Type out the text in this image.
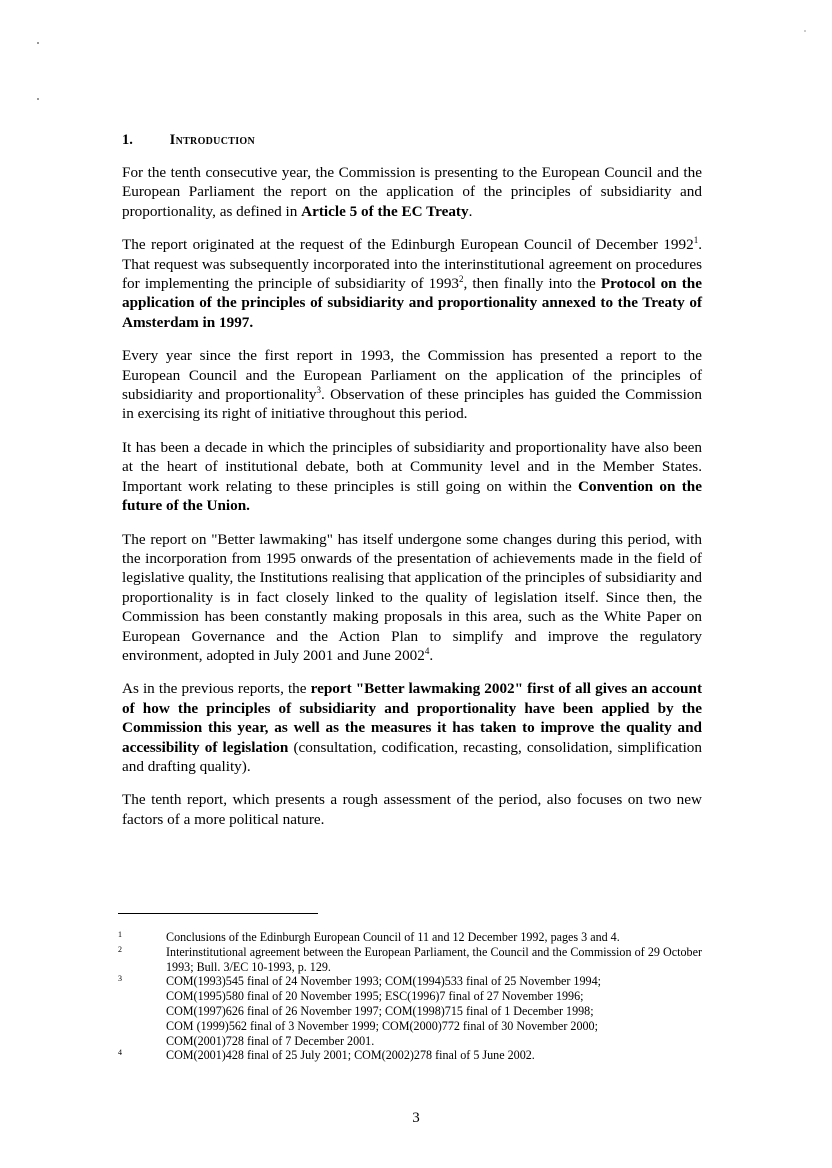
1.	Introduction

For the tenth consecutive year, the Commission is presenting to the European Council and the European Parliament the report on the application of the principles of subsidiarity and proportionality, as defined in Article 5 of the EC Treaty.

The report originated at the request of the Edinburgh European Council of December 1992$^1$. That request was subsequently incorporated into the interinstitutional agreement on procedures for implementing the principle of subsidiarity of 1993$^2$, then finally into the Protocol on the application of the principles of subsidiarity and proportionality annexed to the Treaty of Amsterdam in 1997.

Every year since the first report in 1993, the Commission has presented a report to the European Council and the European Parliament on the application of the principles of subsidiarity and proportionality$^3$. Observation of these principles has guided the Commission in exercising its right of initiative throughout this period.

It has been a decade in which the principles of subsidiarity and proportionality have also been at the heart of institutional debate, both at Community level and in the Member States. Important work relating to these principles is still going on within the Convention on the future of the Union.

The report on "Better lawmaking" has itself undergone some changes during this period, with the incorporation from 1995 onwards of the presentation of achievements made in the field of legislative quality, the Institutions realising that application of the principles of subsidiarity and proportionality is in fact closely linked to the quality of legislation itself. Since then, the Commission has been constantly making proposals in this area, such as the White Paper on European Governance and the Action Plan to simplify and improve the regulatory environment, adopted in July 2001 and June 2002$^4$.

As in the previous reports, the report "Better lawmaking 2002" first of all gives an account of how the principles of subsidiarity and proportionality have been applied by the Commission this year, as well as the measures it has taken to improve the quality and accessibility of legislation (consultation, codification, recasting, consolidation, simplification and drafting quality).

The tenth report, which presents a rough assessment of the period, also focuses on two new factors of a more political nature.

1	Conclusions of the Edinburgh European Council of 11 and 12 December 1992, pages 3 and 4.
2	Interinstitutional agreement between the European Parliament, the Council and the Commission of 29 October 1993; Bull. 3/EC 10-1993, p. 129.
3	COM(1993)545 final of 24 November 1993; COM(1994)533 final of 25 November 1994;
COM(1995)580 final of 20 November 1995; ESC(1996)7 final of 27 November 1996;
COM(1997)626 final of 26 November 1997; COM(1998)715 final of 1 December 1998;
COM (1999)562 final of 3 November 1999; COM(2000)772 final of 30 November 2000;
COM(2001)728 final of 7 December 2001.
4	COM(2001)428 final of 25 July 2001; COM(2002)278 final of 5 June 2002.
3
